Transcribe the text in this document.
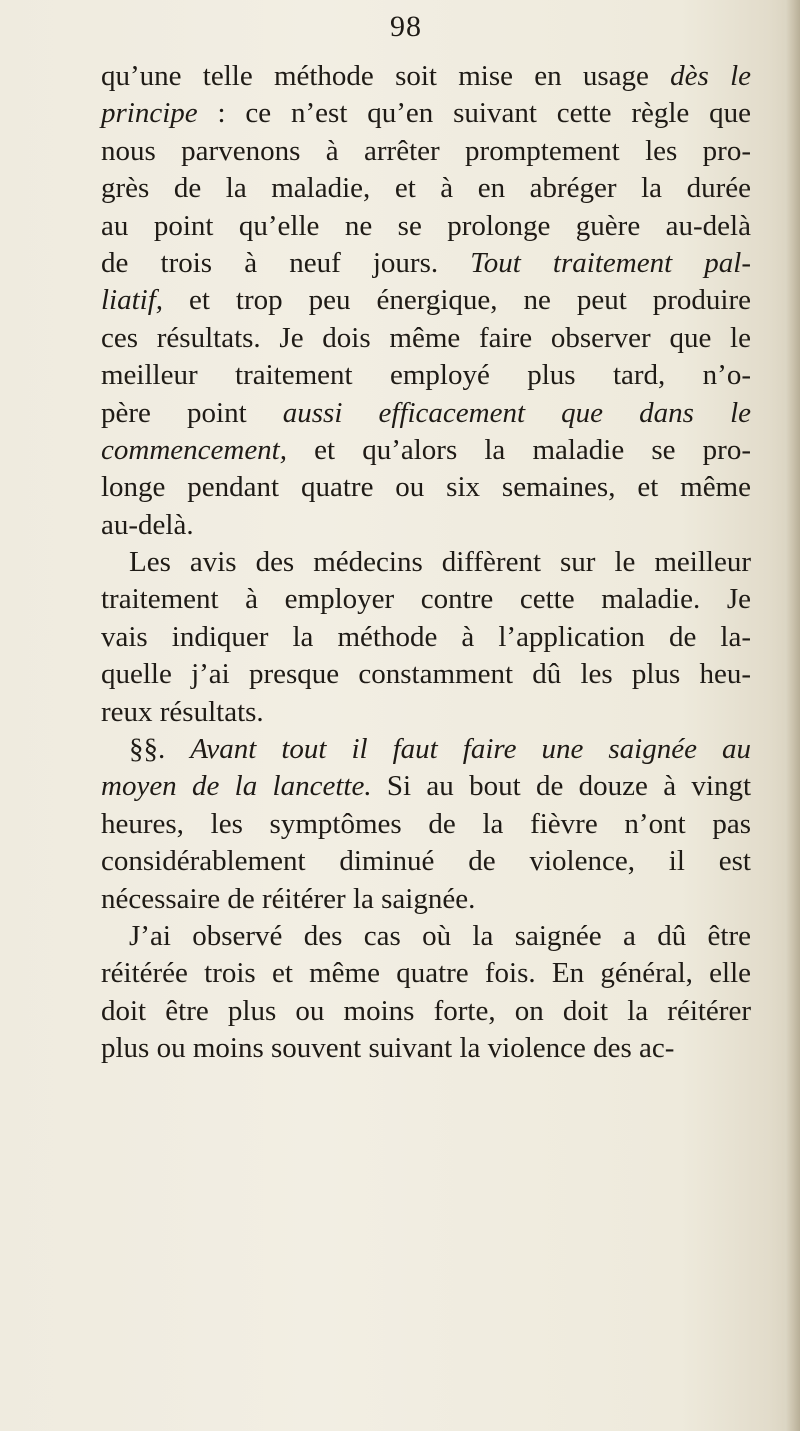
98
qu’une telle méthode soit mise en usage dès le
principe : ce n’est qu’en suivant cette règle que
nous parvenons à arrêter promptement les pro-
grès de la maladie, et à en abréger la durée
au point qu’elle ne se prolonge guère au-delà
de trois à neuf jours. Tout traitement pal-
liatif, et trop peu énergique, ne peut produire
ces résultats. Je dois même faire observer que le
meilleur traitement employé plus tard, n’o-
père point aussi efficacement que dans le
commencement, et qu’alors la maladie se pro-
longe pendant quatre ou six semaines, et même
au-delà.
Les avis des médecins diffèrent sur le meilleur
traitement à employer contre cette maladie. Je
vais indiquer la méthode à l’application de la-
quelle j’ai presque constamment dû les plus heu-
reux résultats.
§§. Avant tout il faut faire une saignée au
moyen de la lancette. Si au bout de douze à vingt
heures, les symptômes de la fièvre n’ont pas
considérablement diminué de violence, il est
nécessaire de réitérer la saignée.
J’ai observé des cas où la saignée a dû être
réitérée trois et même quatre fois. En général, elle
doit être plus ou moins forte, on doit la réitérer
plus ou moins souvent suivant la violence des ac-
